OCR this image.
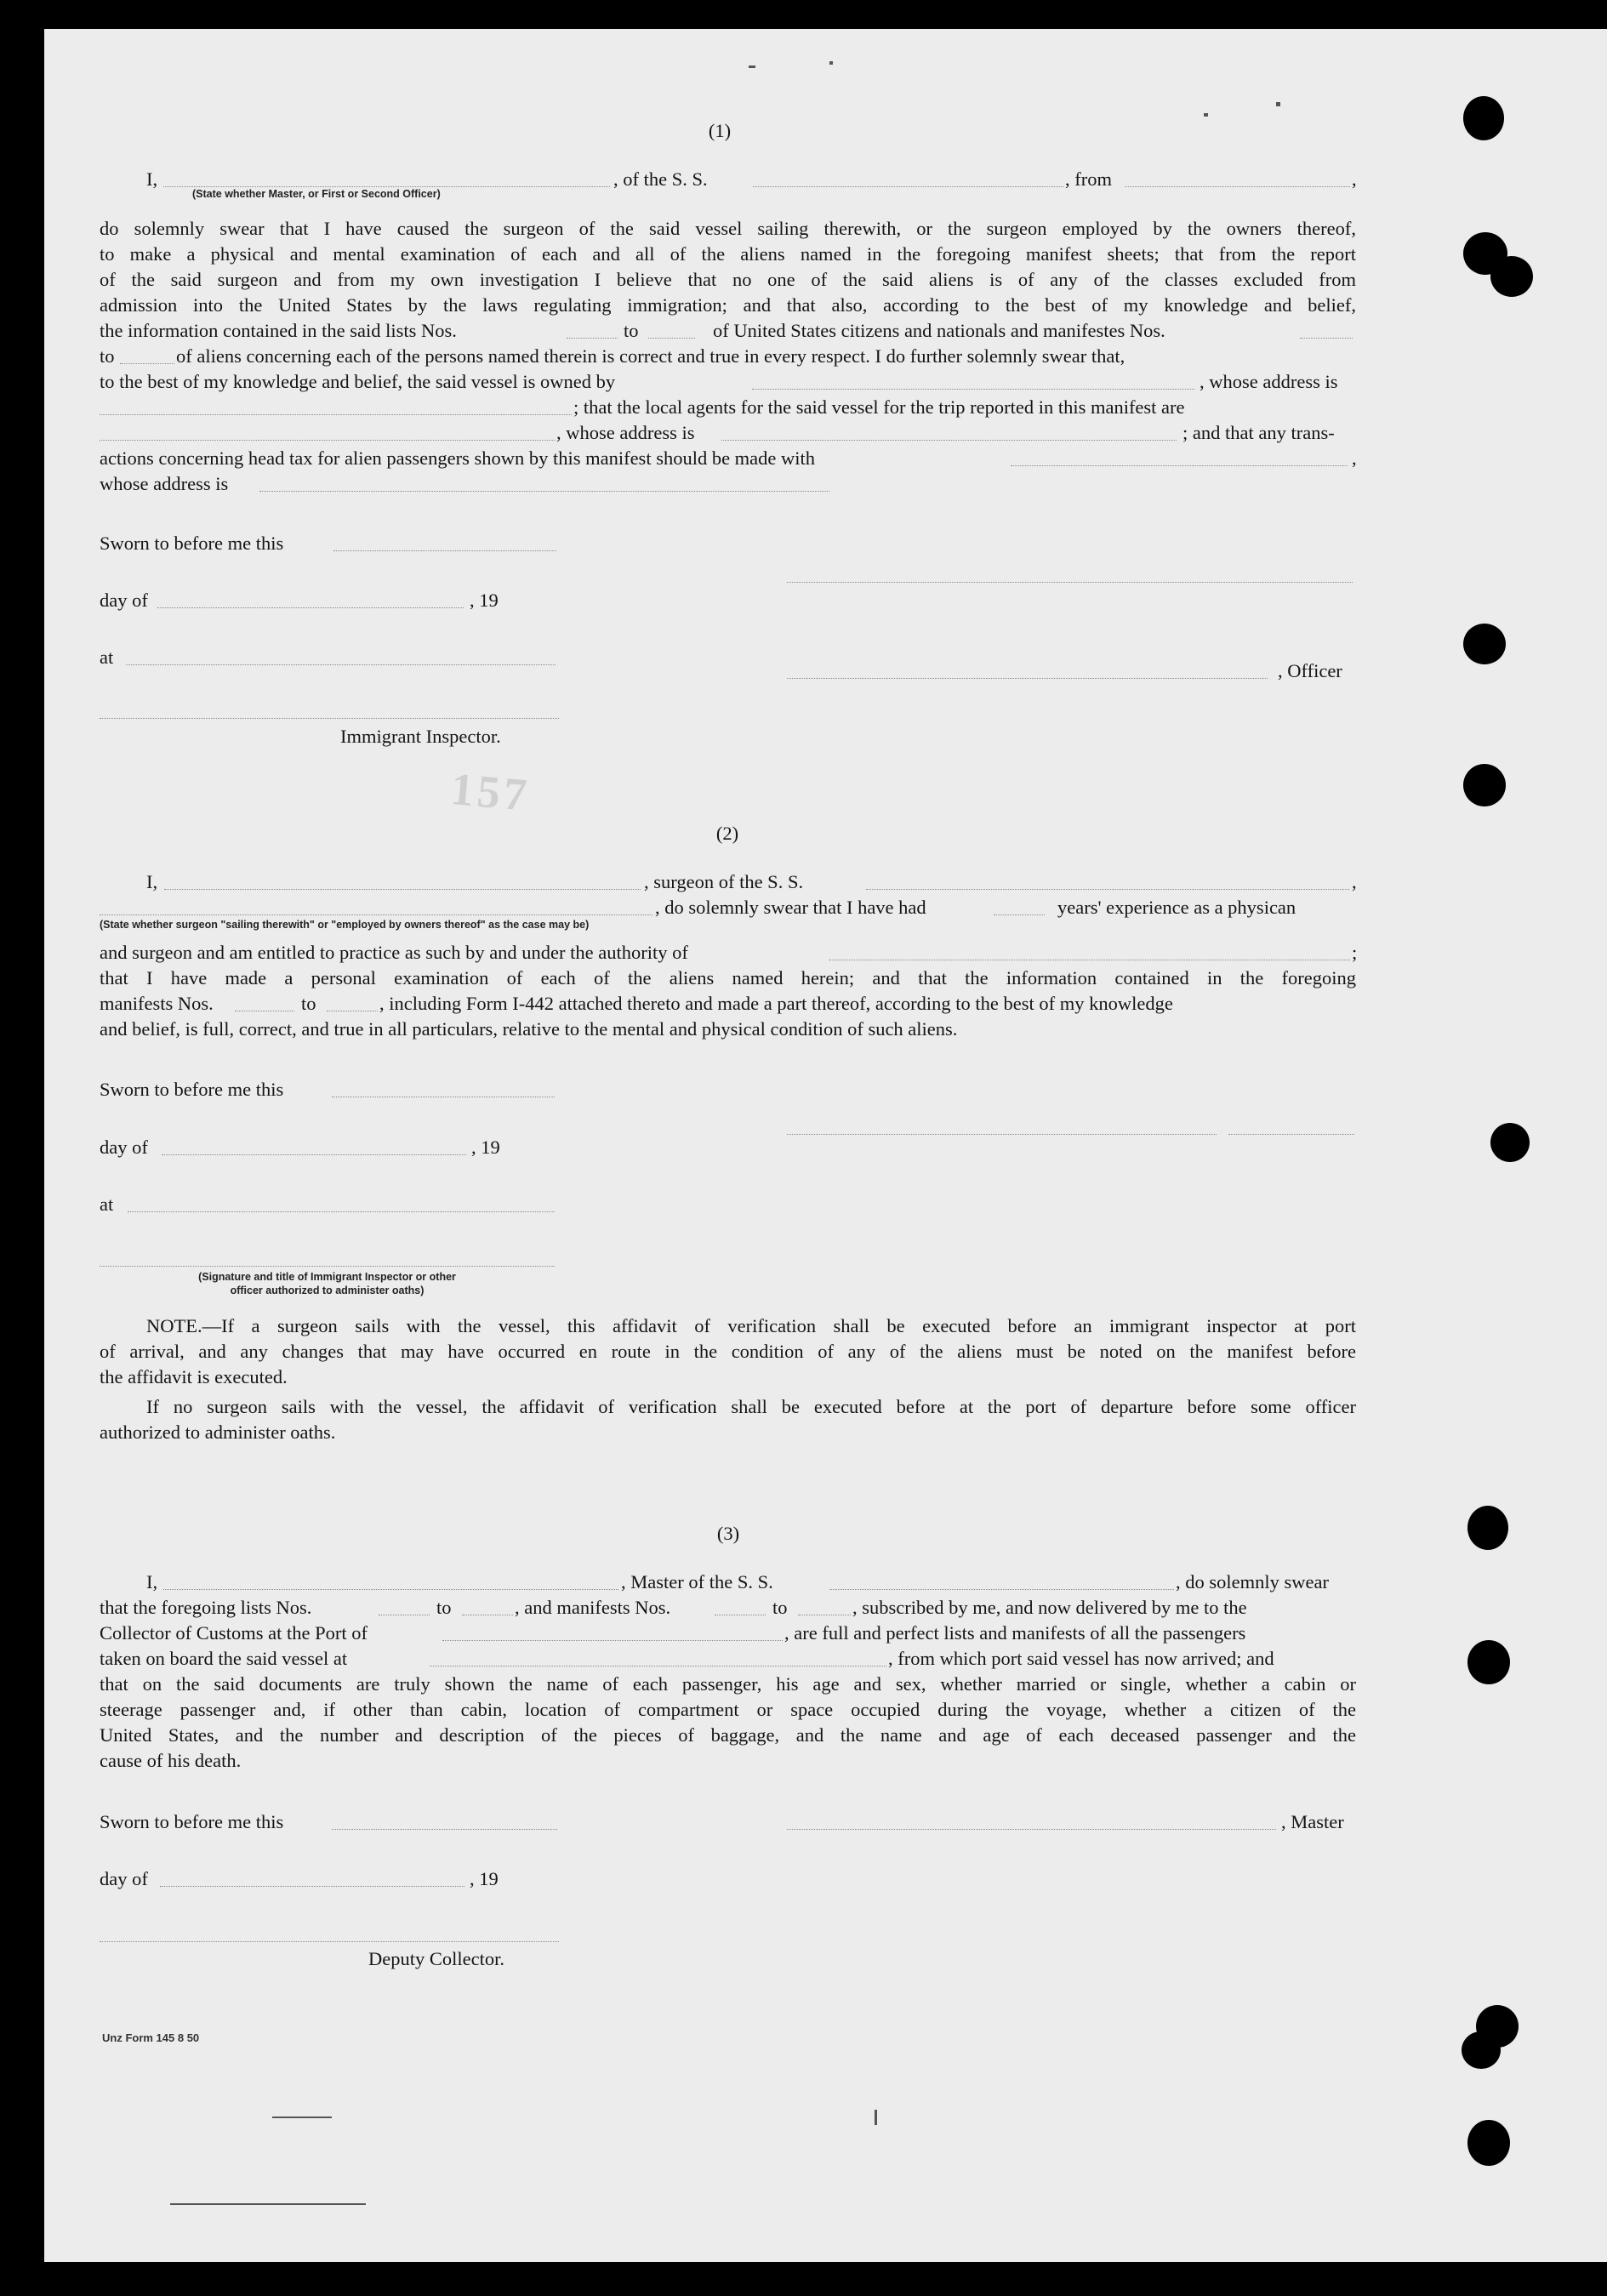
157
(1)
I,	, of the S. S.	, from	,
(State whether Master, or First or Second Officer)
do solemnly swear that I have caused the surgeon of the said vessel sailing therewith, or the surgeon employed by the owners thereof,
to make a physical and mental examination of each and all of the aliens named in the foregoing manifest sheets; that from the report
of the said surgeon and from my own investigation I believe that no one of the said aliens is of any of the classes excluded from
admission into the United States by the laws regulating immigration; and that also, according to the best of my knowledge and belief,
the information contained in the said lists Nos.	to	of United States citizens and nationals and manifestes Nos.
to	of aliens concerning each of the persons named therein is correct and true in every respect. I do further solemnly swear that,
to the best of my knowledge and belief, the said vessel is owned by	, whose address is
; that the local agents for the said vessel for the trip reported in this manifest are
, whose address is	; and that any trans-
actions concerning head tax for alien passengers shown by this manifest should be made with	,
whose address is
Sworn to before me this
day of	, 19
at
, Officer
Immigrant Inspector.
(2)
I,	, surgeon of the S. S.	,
, do solemnly swear that I have had	years' experience as a physican
(State whether surgeon "sailing therewith" or "employed by owners thereof" as the case may be)
and surgeon and am entitled to practice as such by and under the authority of	;
that I have made a personal examination of each of the aliens named herein; and that the information contained in the foregoing
manifests Nos.	to	, including Form I-442 attached thereto and made a part thereof, according to the best of my knowledge
and belief, is full, correct, and true in all particulars, relative to the mental and physical condition of such aliens.
Sworn to before me this
day of	, 19
at
(Signature and title of Immigrant Inspector or other
officer authorized to administer oaths)
NOTE.—If a surgeon sails with the vessel, this affidavit of verification shall be executed before an immigrant inspector at port
of arrival, and any changes that may have occurred en route in the condition of any of the aliens must be noted on the manifest before
the affidavit is executed.
If no surgeon sails with the vessel, the affidavit of verification shall be executed before at the port of departure before some officer
authorized to administer oaths.
(3)
I,	, Master of the S. S.	, do solemnly swear
that the foregoing lists Nos.	to	, and manifests Nos.	to	, subscribed by me, and now delivered by me to the
Collector of Customs at the Port of	, are full and perfect lists and manifests of all the passengers
taken on board the said vessel at	, from which port said vessel has now arrived; and
that on the said documents are truly shown the name of each passenger, his age and sex, whether married or single, whether a cabin or
steerage passenger and, if other than cabin, location of compartment or space occupied during the voyage, whether a citizen of the
United States, and the number and description of the pieces of baggage, and the name and age of each deceased passenger and the
cause of his death.
Sworn to before me this	, Master
day of	, 19
Deputy Collector.
Unz Form 145 8 50
